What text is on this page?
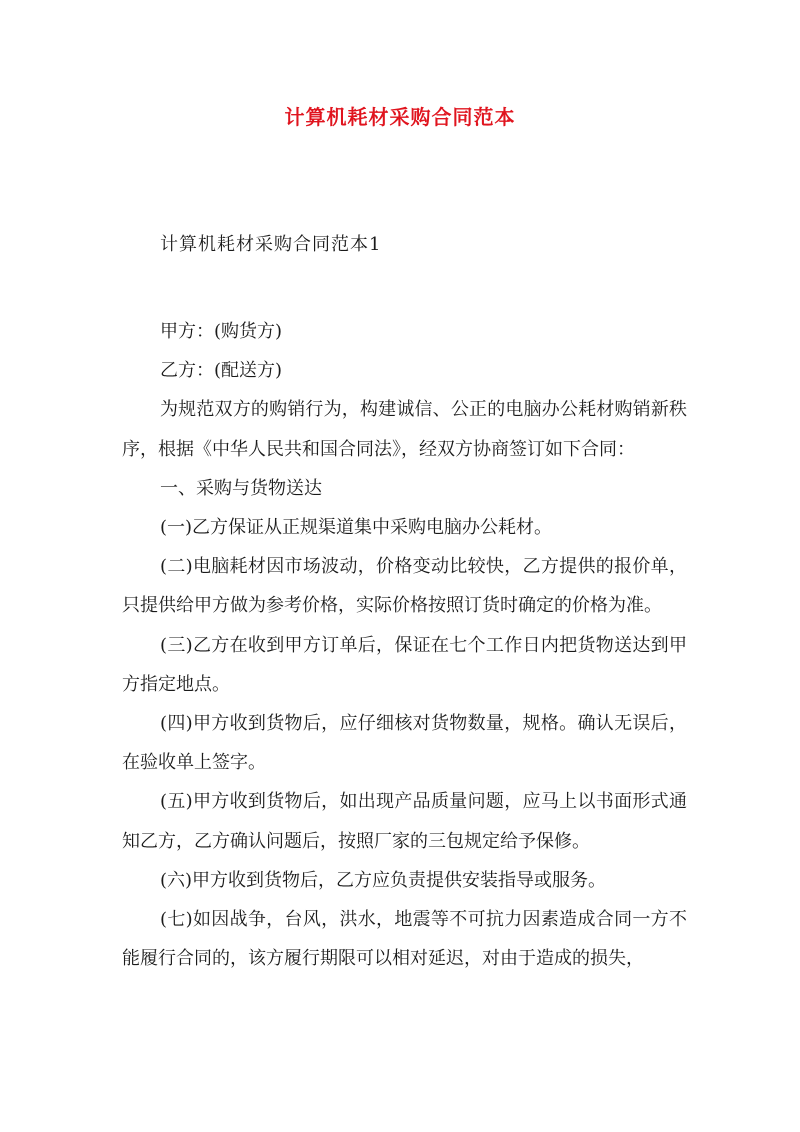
计算机耗材采购合同范本
计算机耗材采购合同范本1

甲方：(购货方)

乙方：(配送方)

为规范双方的购销行为，构建诚信、公正的电脑办公耗材购销新秩序，根据《中华人民共和国合同法》，经双方协商签订如下合同：

一、采购与货物送达

(一)乙方保证从正规渠道集中采购电脑办公耗材。

(二)电脑耗材因市场波动，价格变动比较快，乙方提供的报价单，只提供给甲方做为参考价格，实际价格按照订货时确定的价格为准。

(三)乙方在收到甲方订单后，保证在七个工作日内把货物送达到甲方指定地点。

(四)甲方收到货物后，应仔细核对货物数量，规格。确认无误后，在验收单上签字。

(五)甲方收到货物后，如出现产品质量问题，应马上以书面形式通知乙方，乙方确认问题后，按照厂家的三包规定给予保修。

(六)甲方收到货物后，乙方应负责提供安装指导或服务。

(七)如因战争，台风，洪水，地震等不可抗力因素造成合同一方不能履行合同的，该方履行期限可以相对延迟，对由于造成的损失，
